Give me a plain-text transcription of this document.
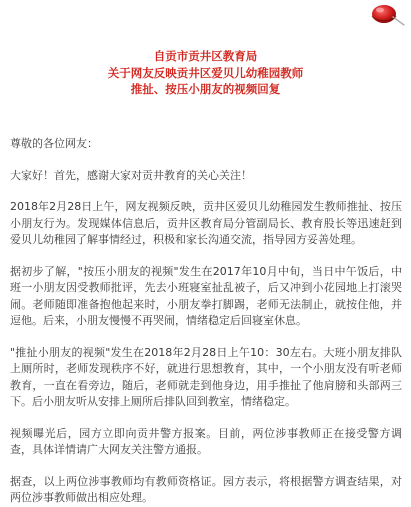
自贡市贡井区教育局
关于网友反映贡井区爱贝儿幼稚园教师
推扯、按压小朋友的视频回复

尊敬的各位网友：

大家好！首先，感谢大家对贡井教育的关心关注！

2018年2月28日上午，网友视频反映，贡井区爱贝儿幼稚园发生教师推扯、按压小朋友行为。发现媒体信息后，贡井区教育局分管副局长、教育股长等迅速赶到爱贝儿幼稚园了解事情经过，积极和家长沟通交流，指导园方妥善处理。

据初步了解，"按压小朋友的视频"发生在2017年10月中旬，当日中午饭后，中班一小朋友因受教师批评，先去小班寝室扯乱被子，后又冲到小花园地上打滚哭闹。老师随即准备抱他起来时，小朋友拳打脚踢，老师无法制止，就按住他，并逗他。后来，小朋友慢慢不再哭闹，情绪稳定后回寝室休息。

"推扯小朋友的视频"发生在2018年2月28日上午10：30左右。大班小朋友排队上厕所时，老师发现秩序不好，就进行思想教育，其中，一个小朋友没有听老师教育，一直在看旁边，随后，老师就走到他身边，用手推扯了他肩膀和头部两三下。后小朋友听从安排上厕所后排队回到教室，情绪稳定。

视频曝光后，园方立即向贡井警方报案。目前，两位涉事教师正在接受警方调查，具体详情请广大网友关注警方通报。

据查，以上两位涉事教师均有教师资格证。园方表示，将根据警方调查结果，对两位涉事教师做出相应处理。
